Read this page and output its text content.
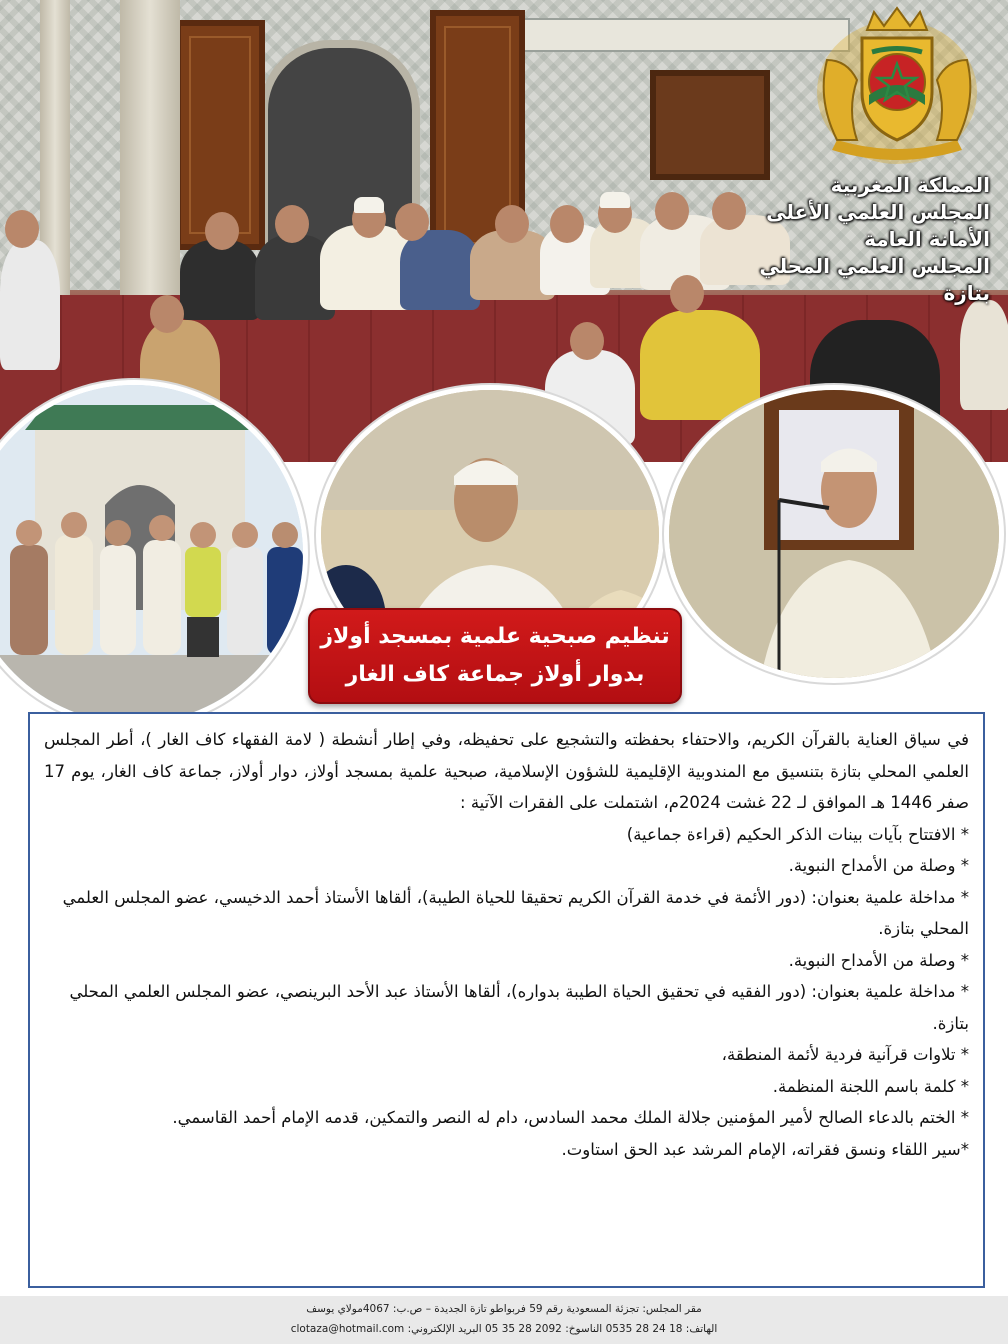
المملكة المغربية
المجلس العلمي الأعلى
الأمانة العامة
المجلس العلمي المحلي
بتازة
تنظيم صبحية علمية بمسجد أولاز
بدوار أولاز جماعة كاف الغار

في سياق العناية بالقرآن الكريم، والاحتفاء بحفظته والتشجيع على تحفيظه، وفي إطار أنشطة ( لامة الفقهاء كاف الغار )، أطر المجلس العلمي المحلي بتازة بتنسيق مع المندوبية الإقليمية للشؤون الإسلامية، صبحية علمية بمسجد أولاز، دوار أولاز، جماعة كاف الغار، يوم 17 صفر 1446 هـ الموافق لـ 22 غشت 2024م، اشتملت على الفقرات الآتية :

* الافتتاح بآيات بينات الذكر الحكيم (قراءة جماعية)

* وصلة من الأمداح النبوية.

* مداخلة علمية بعنوان: (دور الأئمة في خدمة القرآن الكريم تحقيقا للحياة الطيبة)، ألقاها الأستاذ أحمد الدخيسي، عضو المجلس العلمي المحلي بتازة.

* وصلة من الأمداح النبوية.

* مداخلة علمية بعنوان: (دور الفقيه في تحقيق الحياة الطيبة بدواره)، ألقاها الأستاذ عبد الأحد البرينصي، عضو المجلس العلمي المحلي بتازة.

* تلاوات قرآنية فردية لأئمة المنطقة،

* كلمة باسم اللجنة المنظمة.

* الختم بالدعاء الصالح لأمير المؤمنين جلالة الملك محمد السادس، دام له النصر والتمكين، قدمه الإمام أحمد القاسمي.

*سير اللقاء ونسق فقراته، الإمام المرشد عبد الحق استاوت.

مقر المجلس: تجزئة المسعودية رقم 59 فربواطو تازة الجديدة – ص.ب: 4067مولاي يوسف
الهاتف: 18 24 28 0535 الناسوخ: 2092 28 35 05 البريد الإلكتروني: clotaza@hotmail.com
